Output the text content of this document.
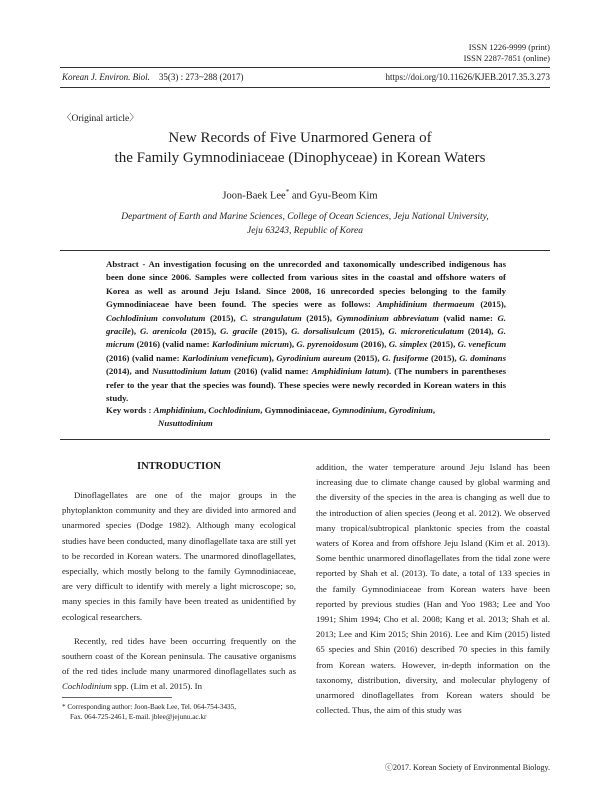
ISSN 1226-9999 (print)
ISSN 2287-7851 (online)
Korean J. Environ. Biol. 35(3) : 273~288 (2017)	https://doi.org/10.11626/KJEB.2017.35.3.273
〈Original article〉
New Records of Five Unarmored Genera of
the Family Gymnodiniaceae (Dinophyceae) in Korean Waters
Joon-Baek Lee* and Gyu-Beom Kim
Department of Earth and Marine Sciences, College of Ocean Sciences, Jeju National University,
Jeju 63243, Republic of Korea
Abstract - An investigation focusing on the unrecorded and taxonomically undescribed indigenous has been done since 2006. Samples were collected from various sites in the coastal and offshore waters of Korea as well as around Jeju Island. Since 2008, 16 unrecorded species belonging to the family Gymnodiniaceae have been found. The species were as follows: Amphidinium thermaeum (2015), Cochlodinium convolutum (2015), C. strangulatum (2015), Gymnodinium abbreviatum (valid name: G. gracile), G. arenicola (2015), G. gracile (2015), G. dorsalisulcum (2015), G. microreticulatum (2014), G. micrum (2016) (valid name: Karlodinium micrum), G. pyrenoidosum (2016), G. simplex (2015), G. veneficum (2016) (valid name: Karlodinium veneficum), Gyrodinium aureum (2015), G. fusiforme (2015), G. dominans (2014), and Nusuttodinium latum (2016) (valid name: Amphidinium latum). (The numbers in parentheses refer to the year that the species was found). These species were newly recorded in Korean waters in this study.
Key words : Amphidinium, Cochlodinium, Gymnodiniaceae, Gymnodinium, Gyrodinium,
Nusuttodinium
INTRODUCTION

Dinoflagellates are one of the major groups in the phytoplankton community and they are divided into armored and unarmored species (Dodge 1982). Although many ecological studies have been conducted, many dinoflagellate taxa are still yet to be recorded in Korean waters. The unarmored dinoflagellates, especially, which mostly belong to the family Gymnodiniaceae, are very difficult to identify with merely a light microscope; so, many species in this family have been treated as unidentified by ecological researchers.

Recently, red tides have been occurring frequently on the southern coast of the Korean peninsula. The causative organisms of the red tides include many unarmored dinoflagellates such as Cochlodinium spp. (Lim et al. 2015). In

addition, the water temperature around Jeju Island has been increasing due to climate change caused by global warming and the diversity of the species in the area is changing as well due to the introduction of alien species (Jeong et al. 2012). We observed many tropical/subtropical planktonic species from the coastal waters of Korea and from offshore Jeju Island (Kim et al. 2013). Some benthic unarmored dinoflagellates from the tidal zone were reported by Shah et al. (2013). To date, a total of 133 species in the family Gymnodiniaceae from Korean waters have been reported by previous studies (Han and Yoo 1983; Lee and Yoo 1991; Shim 1994; Cho et al. 2008; Kang et al. 2013; Shah et al. 2013; Lee and Kim 2015; Shin 2016). Lee and Kim (2015) listed 65 species and Shin (2016) described 70 species in this family from Korean waters. However, in-depth information on the taxonomy, distribution, diversity, and molecular phylogeny of unarmored dinoflagellates from Korean waters should be collected. Thus, the aim of this study was

* Corresponding author: Joon-Baek Lee, Tel. 064-754-3435,
Fax. 064-725-2461, E-mail. jblee@jejunu.ac.kr
ⓒ2017. Korean Society of Environmental Biology.
